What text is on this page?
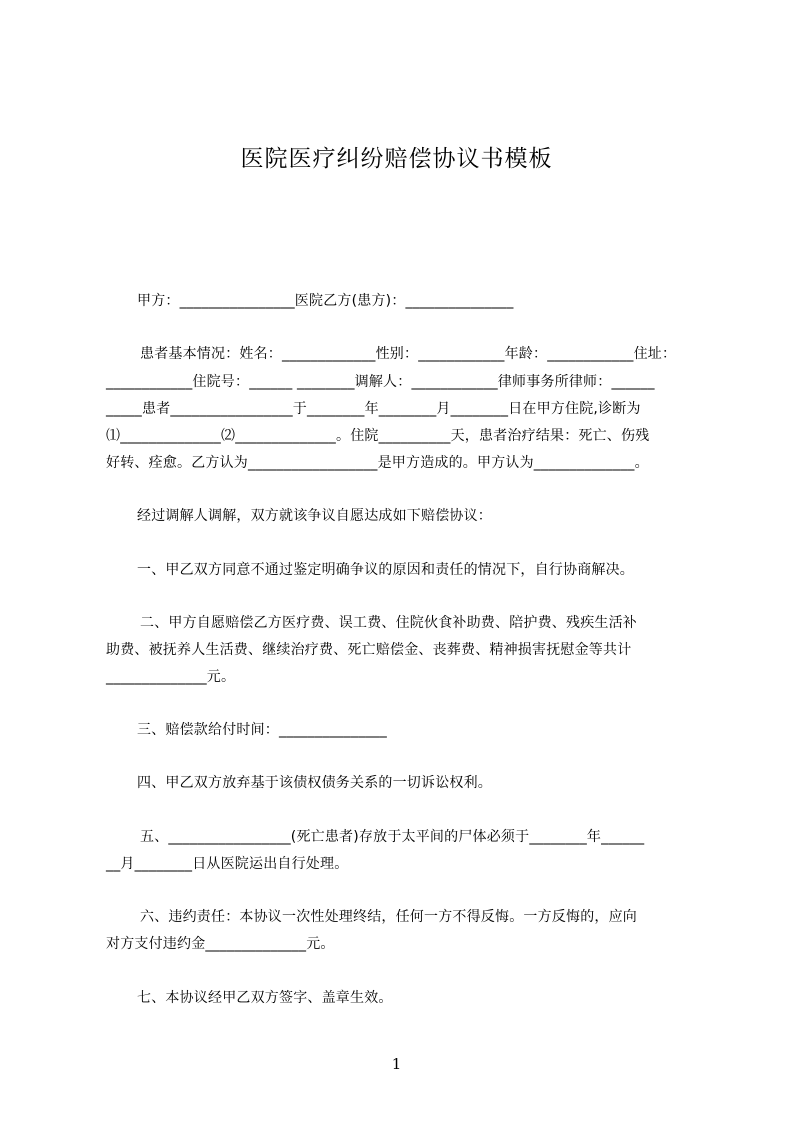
医院医疗纠纷赔偿协议书模板
甲方：________________医院乙方(患方)：_______________
患者基本情况：姓名：_____________性别：____________年龄：____________住址：
____________住院号：______ ________调解人：____________律师事务所律师：______
_____患者_________________于________年________月________日在甲方住院,诊断为
⑴______________⑵______________。住院__________天，患者治疗结果：死亡、伤残
好转、痊愈。乙方认为__________________是甲方造成的。甲方认为______________。
经过调解人调解，双方就该争议自愿达成如下赔偿协议：
一、甲乙双方同意不通过鉴定明确争议的原因和责任的情况下，自行协商解决。
二、甲方自愿赔偿乙方医疗费、误工费、住院伙食补助费、陪护费、残疾生活补
助费、被抚养人生活费、继续治疗费、死亡赔偿金、丧葬费、精神损害抚慰金等共计
______________元。
三、赔偿款给付时间：_______________
四、甲乙双方放弃基于该债权债务关系的一切诉讼权利。
五、_________________(死亡患者)存放于太平间的尸体必须于________年______
__月________日从医院运出自行处理。
六、违约责任：本协议一次性处理终结，任何一方不得反悔。一方反悔的，应向
对方支付违约金______________元。
七、本协议经甲乙双方签字、盖章生效。
1
